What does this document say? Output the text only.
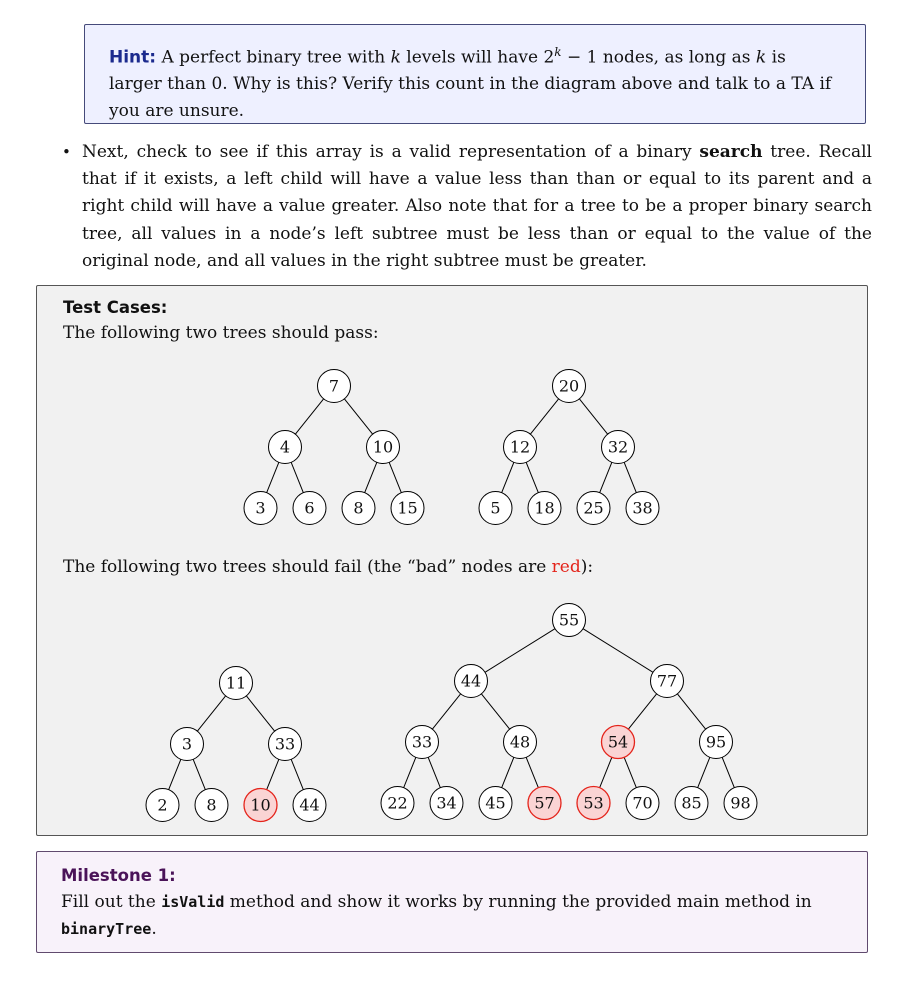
Hint: A perfect binary tree with k levels will have $2^k - 1$ nodes, as long as k is larger than 0. Why is this? Verify this count in the diagram above and talk to a TA if you are unsure.
• Next, check to see if this array is a valid representation of a binary search tree. Recall that if it exists, a left child will have a value less than than or equal to its parent and a right child will have a value greater. Also note that for a tree to be a proper binary search tree, all values in a node’s left subtree must be less than or equal to the value of the original node, and all values in the right subtree must be greater.
Test Cases:
The following two trees should pass:
The following two trees should fail (the “bad” nodes are red):
7
4	10
3 6 8 15
20
12	32
5 18 25 38
11
3	33
2 8 10 44
55
44	77
33	48	54	95
22 34 45 57 53 70 85 98
Milestone 1:
Fill out the isValid method and show it works by running the provided main method in binaryTree.
